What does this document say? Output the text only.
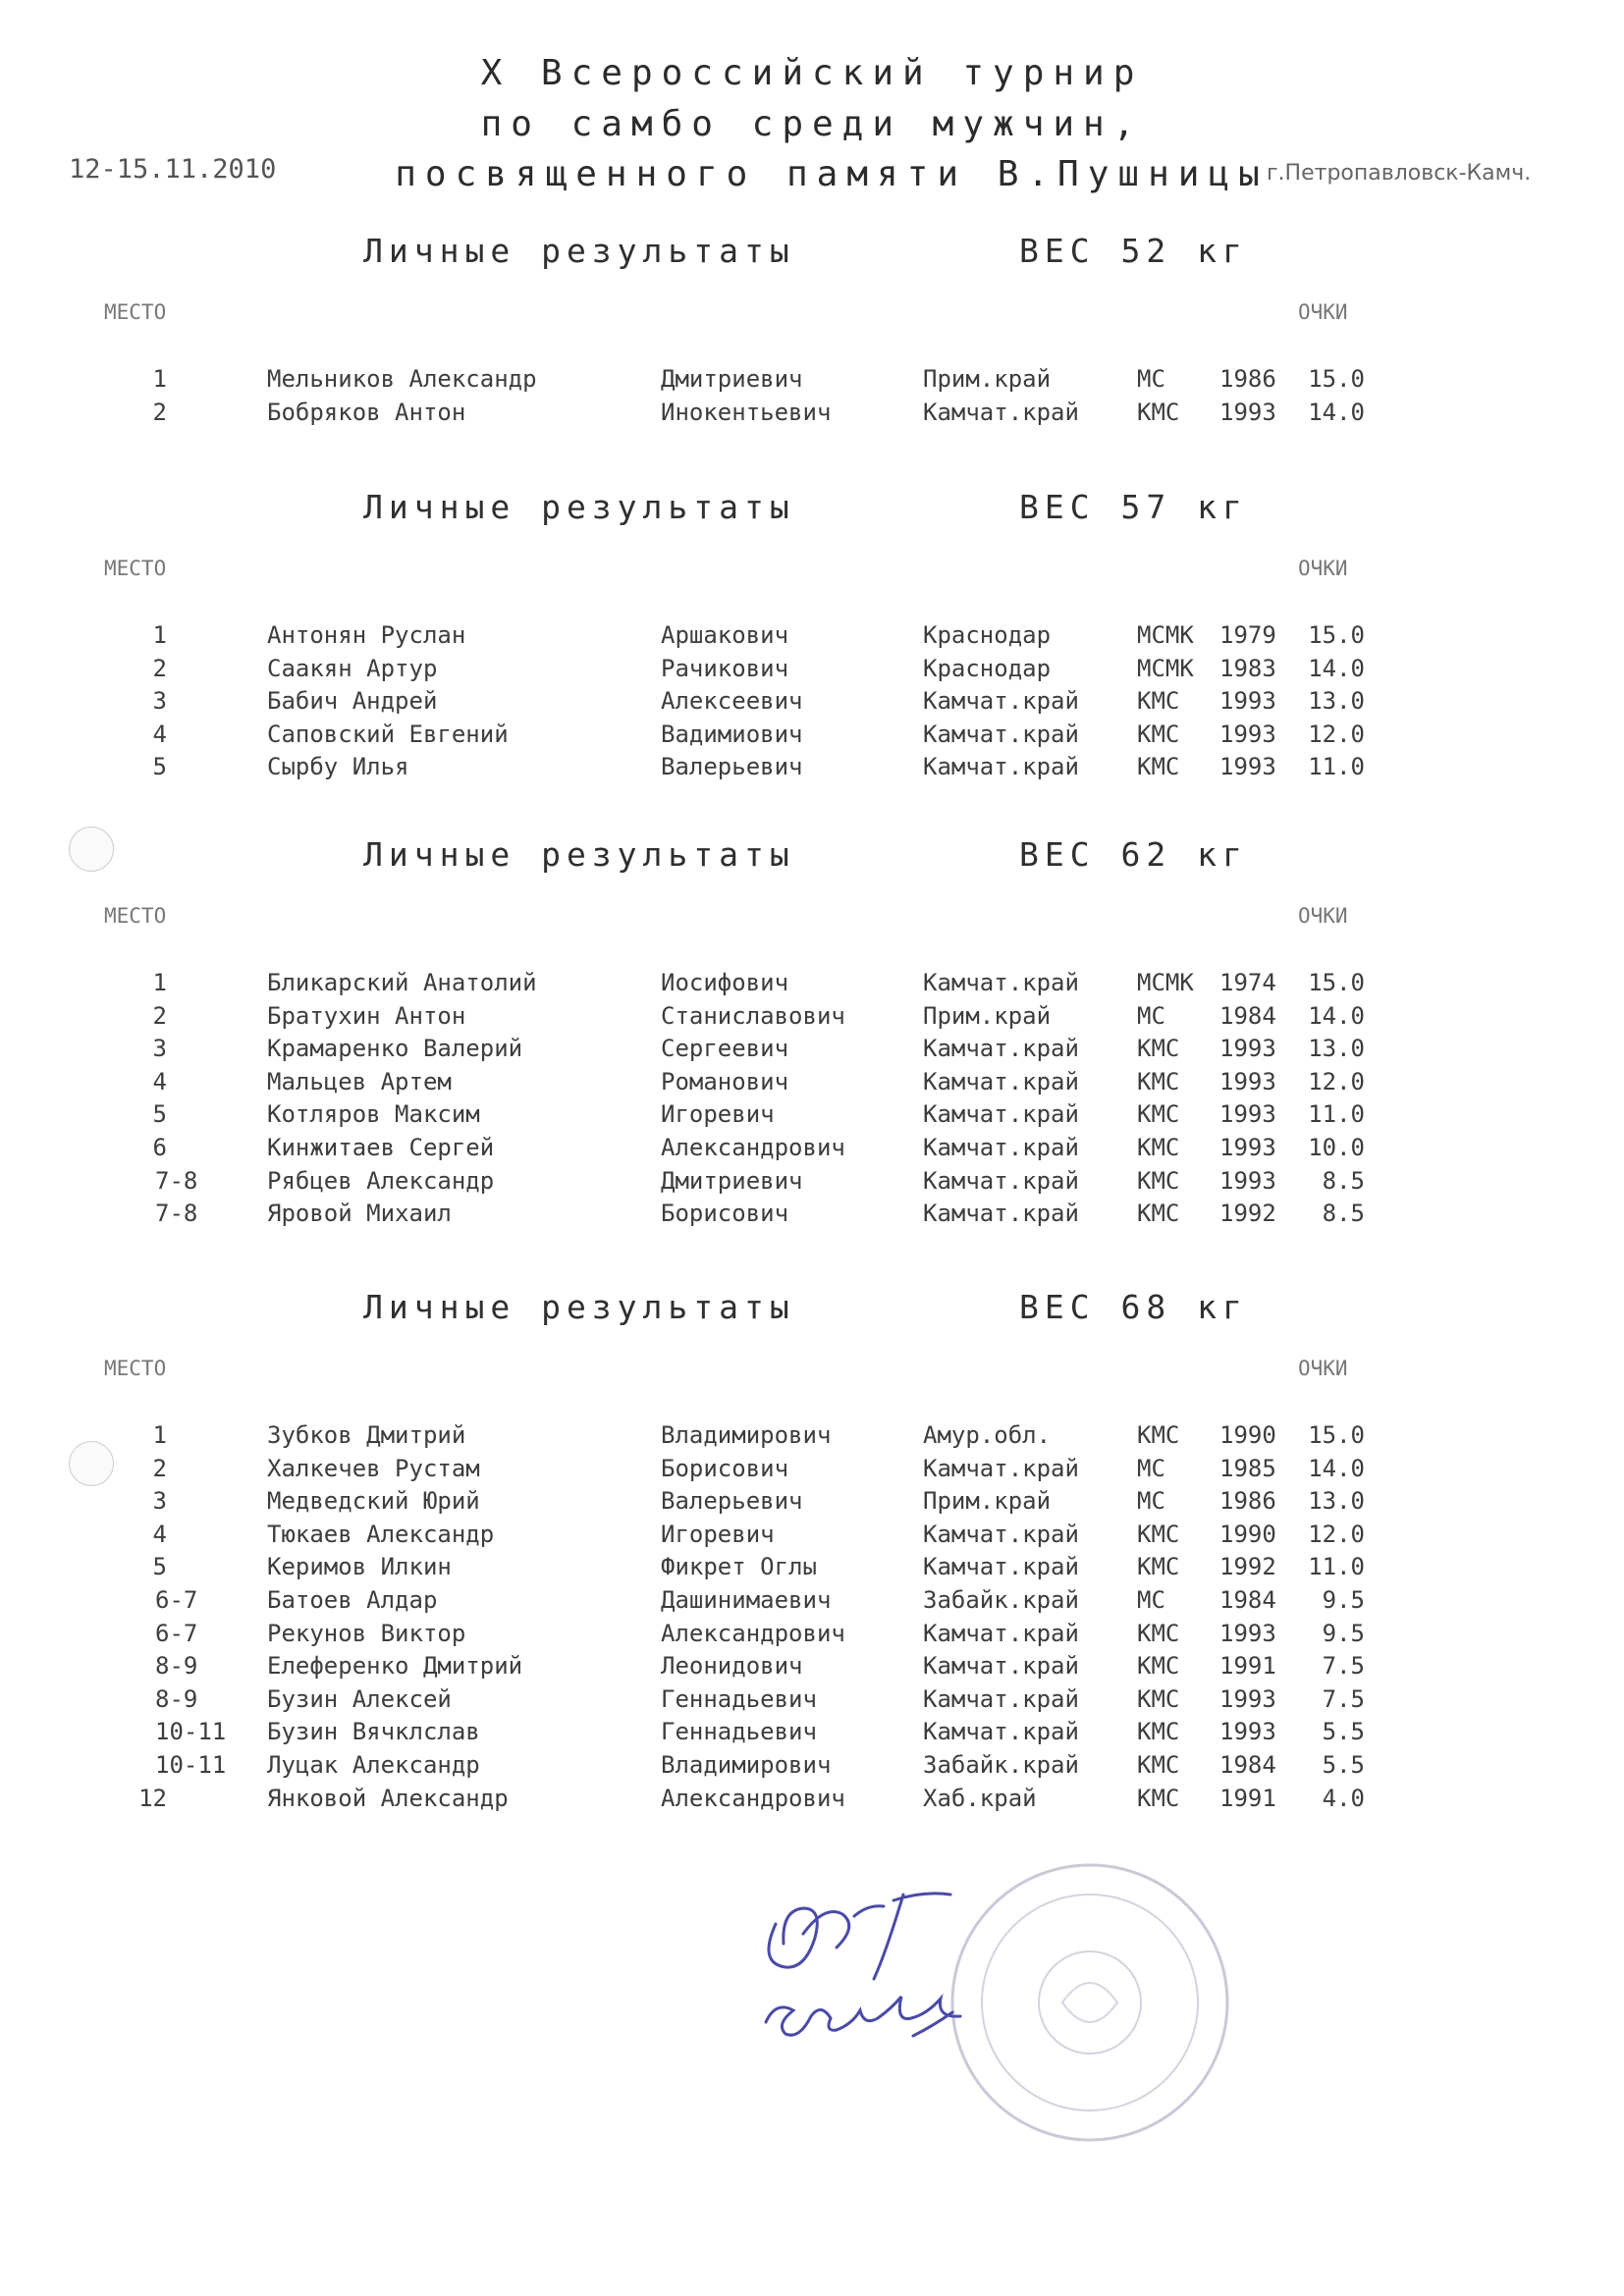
X Всероссийский турнир
по самбо среди мужчин,
12-15.11.2010	посвященного памяти В.Пушницы
г.Петропавловск-Камч.
Личные результаты	ВЕС 52 кг
МЕСТО	ОЧКИ
1	Мельников Александр	Дмитриевич	Прим.край	МС 1986	15.0
2	Бобряков Антон	Инокентьевич	Камчат.край КМС 1993	14.0
Личные результаты	ВЕС 57 кг
МЕСТО	ОЧКИ
1	Антонян Руслан	Аршакович	Краснодар	МСМК 1979	15.0
2	Саакян Артур	Рачикович	Краснодар	МСМК 1983	14.0
3	Бабич Андрей	Алексеевич	Камчат.край КМС 1993	13.0
4	Саповский Евгений	Вадимиович	Камчат.край КМС 1993	12.0
5	Сырбу Илья	Валерьевич	Камчат.край КМС 1993	11.0
Личные результаты	ВЕС 62 кг
МЕСТО	ОЧКИ
1	Бликарский Анатолий	Иосифович	Камчат.край МСМК 1974	15.0
2	Братухин Антон	Станиславович	Прим.край	МС 1984	14.0
3	Крамаренко Валерий	Сергеевич	Камчат.край КМС 1993	13.0
4	Мальцев Артем	Романович	Камчат.край КМС 1993	12.0
5	Котляров Максим	Игоревич	Камчат.край КМС 1993	11.0
6	Кинжитаев Сергей	Александрович	Камчат.край КМС 1993	10.0
7-8	Рябцев Александр	Дмитриевич	Камчат.край КМС 1993	8.5
7-8	Яровой Михаил	Борисович	Камчат.край КМС 1992	8.5
Личные результаты	ВЕС 68 кг
МЕСТО	ОЧКИ
1	Зубков Дмитрий	Владимирович	Амур.обл.	КМС 1990	15.0
2	Халкечев Рустам	Борисович	Камчат.край МС 1985	14.0
3	Медведский Юрий	Валерьевич	Прим.край	МС 1986	13.0
4	Тюкаев Александр	Игоревич	Камчат.край КМС 1990	12.0
5	Керимов Илкин	Фикрет Оглы	Камчат.край КМС 1992	11.0
6-7	Батоев Алдар	Дашинимаевич	Забайк.край МС 1984	9.5
6-7	Рекунов Виктор	Александрович	Камчат.край КМС 1993	9.5
8-9	Елеференко Дмитрий	Леонидович	Камчат.край КМС 1991	7.5
8-9	Бузин Алексей	Геннадьевич	Камчат.край КМС 1993	7.5
10-11 Бузин Вячклслав	Геннадьевич	Камчат.край КМС 1993	5.5
10-11 Луцак Александр	Владимирович	Забайк.край КМС 1984	5.5
12	Янковой Александр	Александрович	Хаб.край	КМС 1991	4.0
